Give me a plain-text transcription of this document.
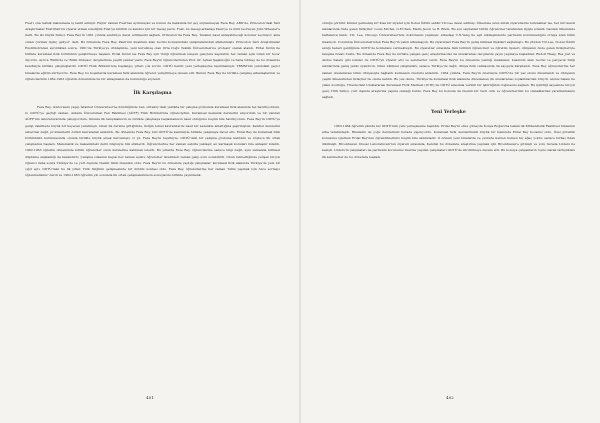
Fuat'ı ona teknik malzemede iş teklif etmişti. Hiçbir zaman Fuat'tan ayrılmayan ve bunun da hakkında bir şey söylenmeyen Feza Bey, ABD'de, Princeton'daki İleri Araştırmalar Enstitüsü'nü ziyaret etmek istediğini Fuat'ya bildirdi ve kendisi için bir mesaj yazdı. Fuat, bu mesajı arkadaşı Pauli'ye ve ünlü teorisyen John Wheeler'e iletti. Bu iki büyük fizikçi, Feza Bey'in 1961 yılında enstitüye davet edilmesini sağladı. Princeton'da Feza Bey, 'İnsanın nasıl anlayabileceği konular seçmiyor, ama onları çözmek ilginç geliyor' dedi. Bu dönemde Feza Bey, Pauli'nin kuantum alan teorisi konusundaki çalışmalarından etkilenmişti. Princeton İleri Araştırmalar Enstitüsü'nden ayrıldıktan sonra, 1961'de Türkiye'ye dönüşünde, yeni kurulmuş olan Orta Doğu Teknik Üniversitesi'ne profesör olarak atandı. Erdal İnönü ile birlikte kuramsal fizik bölümünü geliştirmeye başladı. Erdal İnönü ise Feza Bey için 'fiziği öğrenmek isteyen gençlere kapılarını her zaman açık tutan bir hoca' diyordu. Ayrıca 'Bilim'de ve 'Bilim Dünyası' dergilerinde çeşitli yazılar yazdı. Feza Bey'in öğrencilerinden Prof. Dr. Ayhan Şaşkınoğlu ve Saba Gürsey de bu dönemde kendisiyle birlikte çalışmışlardır. ODTÜ Fizik Bölümü'nde başlangıç yılları çok zordu. ODTÜ henüz yeni yerleşkesine taşınmamıştı; TBMM'nin yanındaki geçici binalarda eğitim sürüyordu. Feza Bey, bu koşullarda kuramsal fizik alanında öğrenci yetiştirmeye devam etti. Bunun Feza Bey ile birlikte çalışmış arkadaşlarının ve öğrencilerinin 1962-1963 öğretim döneminde bu bir anlaşmanın da bulunduğu söylenir.

İlk Karşılaşma

Feza Bey, doktorasını yapıp İstanbul Üniversitesi'ne döndüğünde ben, Ortaköy'deki yazlıkta bir çalışma grubunda kuramsal fizik alanında tez hazırlıyordum. O, ODTÜ'ye geçtiği zaman, Ankara Üniversitesi Fen Fakültesi (AÜFF) Fizik Bölümü'nde öğrenciydim. Kuramsal mekanik derslerini alıyordum ve bir yandan AÜFF'nin laboratuvarında çalışıyordum. Onunla ilk tanışmamızın ve birlikte çalışmaya başlamamızın nasıl olduğunu bugün bile hatırlıyorum. Feza Bey'in ODTÜ'ye gelişi, fakültede büyük bir heyecan yaratmıştı. Onun ilk dersine gittiğimde, fiziğin temel kavramlarını nasıl bir sadelikle anlattığına şaşırmıştım. Kendisi derslerini ezberden değil, problemlerin özünü kavratarak anlatırdı. Bu dönemde Feza Bey, bizi ODTÜ'de kendisiyle birlikte çalışmaya davet etti. Erdal Bey de kuramsal fizik bölümünün kurulmasında onunla birlikte büyük emek harcamıştı. O yıl, Feza Bey'in teşvikiyle, ODTÜ'deki bir çalışma grubuna katıldım ve böylece ilk ortak çalışmamız başladı. Matematik ve mekanikteki derin bilgisiyle bizi etkilerdi. Öğrencilerine her zaman sabırla yaklaşır, en karmaşık konuları bile anlaşılır kılardı. 1962-1963 öğretim döneminde bütün öğrenciler onun derslerine katılmak isterdi. Bu yıllarda Feza Bey, öğrencilerine sadece bilgi değil, aynı zamanda bilimsel düşünme alışkanlığı da kazandırdı. Çalışma odasının kapısı her zaman açıktı; öğrenciler istedikleri zaman gelip soru sorabilirdi. Onun rehberliğinde yetişen birçok öğrenci daha sonra Türkiye'de ve yurt dışında önemli bilim insanları oldu. Feza Bey'in bu dönemde yaptığı çalışmalar, kuramsal fizik alanında Türkiye'de yeni bir çığır açtı. ODTÜ'deki bu ilk yıllar, Türk fiziğinin gelişmesinde bir dönüm noktası oldu. Feza Bey, öğrencilerine her zaman 'bilim yapmak için önce sormayı öğrenmelisiniz' derdi ve 1962-1963 öğretim yılı sonunda ilk ortak çalışmalarımızın sonuçlarını birlikte yayımladık.

401

olduğu görülür. Kimler gelmemiş ki? Kısa bir ziyaret için Nobel Ödülü sahibi T.D.Lee davet edilmiş. Ülkemize uzun süreli ziyaretlerde bulunanlar ise, her biri kendi alanlarında önde gelen fizikçiler: Louis Michel, G.F.Chew, Maris Jacob ve R. Blum. Bu son sayılanlar bütün öğrenciler tarafından ilgiyle izlendi; bazıları ülkemizde haftalarca kaldı. T.D. Lee, Chicago Üniversitesi'nde doktorasını yapmıştı; arkadaşı C.N.Yang ile eşit etkileşimlerde paritenin korunmadığını ortaya atan bilim insanıydı. Columbia Üniversitesi'nden Feza Bey'in yakın arkadaşıydı. Bu ziyaretleri Feza Bey'in geniş bilimsel ilişkileri sağlamıştı. Bu yüzden T.D.Lee, Nobel Ödülü aldığı haberi geldiğinde ODTÜ'de konferans vermekteydi. Bu ziyaretler sırasında fizik bölümü öğrencileri ve öğretim üyeleri, dünyanın önde gelen fizikçileriyle tanışma fırsatı buldu. Bu dönemde Feza Bey ile birlikte çalışan genç araştırmacılar da uluslararası dergilerde yayın yapmaya başladılar. Rudolf Haag, Res Jost ve Abdus Salam gibi isimler de ODTÜ'yü ziyaret etti ve seminerler verdi. Feza Bey'in bu dönemde yazdığı makaleler, kuantum alan teorisi ve parçacık fiziği alanlarında geniş yankı uyandırdı. Onun bilimsel çalışmaları, sadece Türkiye'de değil, dünya fizik camiasında da saygıyla karşılandı. Feza Bey öğrencilerine her zaman uluslararası bilim dünyasıyla bağlantı kurmanın önemini anlatırdı. 1964 yılında, Feza Bey'in önerisiyle ODTÜ'de bir yaz okulu düzenlendi ve dünyanın çeşitli ülkelerinden fizikçiler bu okula katıldı. Bu yaz okulu, Türkiye'de kuramsal fizik alanında düzenlenen ilk uluslararası toplantılardan biriydi. Abdus Salam ile yakın dostluğu, Trieste'deki Uluslararası Kuramsal Fizik Merkezi (ICTP) ile ODTÜ arasında verimli bir işbirliğinin doğmasını sağladı. Bu işbirliği sayesinde birçok genç Türk fizikçi, yurt dışında araştırma yapma olanağı buldu. Feza Bey bu konuda da önemli bir öncü oldu ve öğrencilerinin bu olanaklardan yararlanmasını sağladı.

Yeni Yerleşke

1963-1964 öğretim yılında biz ODTÜ'nün yeni yerleşkesine taşındık. Erdal Bey'in ofisi, güneyde Konya Boğazı'na bakan ilk Mühendislik Fakültesi binasının arka tarafındaydı. Binaların de çoğu derslerimiz burada yapılıyordu. Kuramsal fizik derslerimizin büyük bir kısmında Erdal Bey hocamız oldu. Özel görelilik konusunu işlerken Erdal Bey'den öğrendiklerimiz bugün bile aklımdadır. O dönem yeni binalarda ve çevrede hemen hemen hiç ağaç yoktu; sadece birkaç fidan dikilmişti. Brookhaven Ulusal Laboratuvarı'nın ziyareti sırasında, Kendisi bu dönemde araştırma yapmak için Brookhaven'e gitmişti ve yolu burada Lüders ile kesişti. Lüders'in çalışmaları ile paritenin korunumu üzerine yapılan çalışmaları ODTÜ'de sürdürmeye devam etti. Bu konuya çalışanların toplu olarak tartıştıkları ilk seminerler de bu dönemde başladı.

402
